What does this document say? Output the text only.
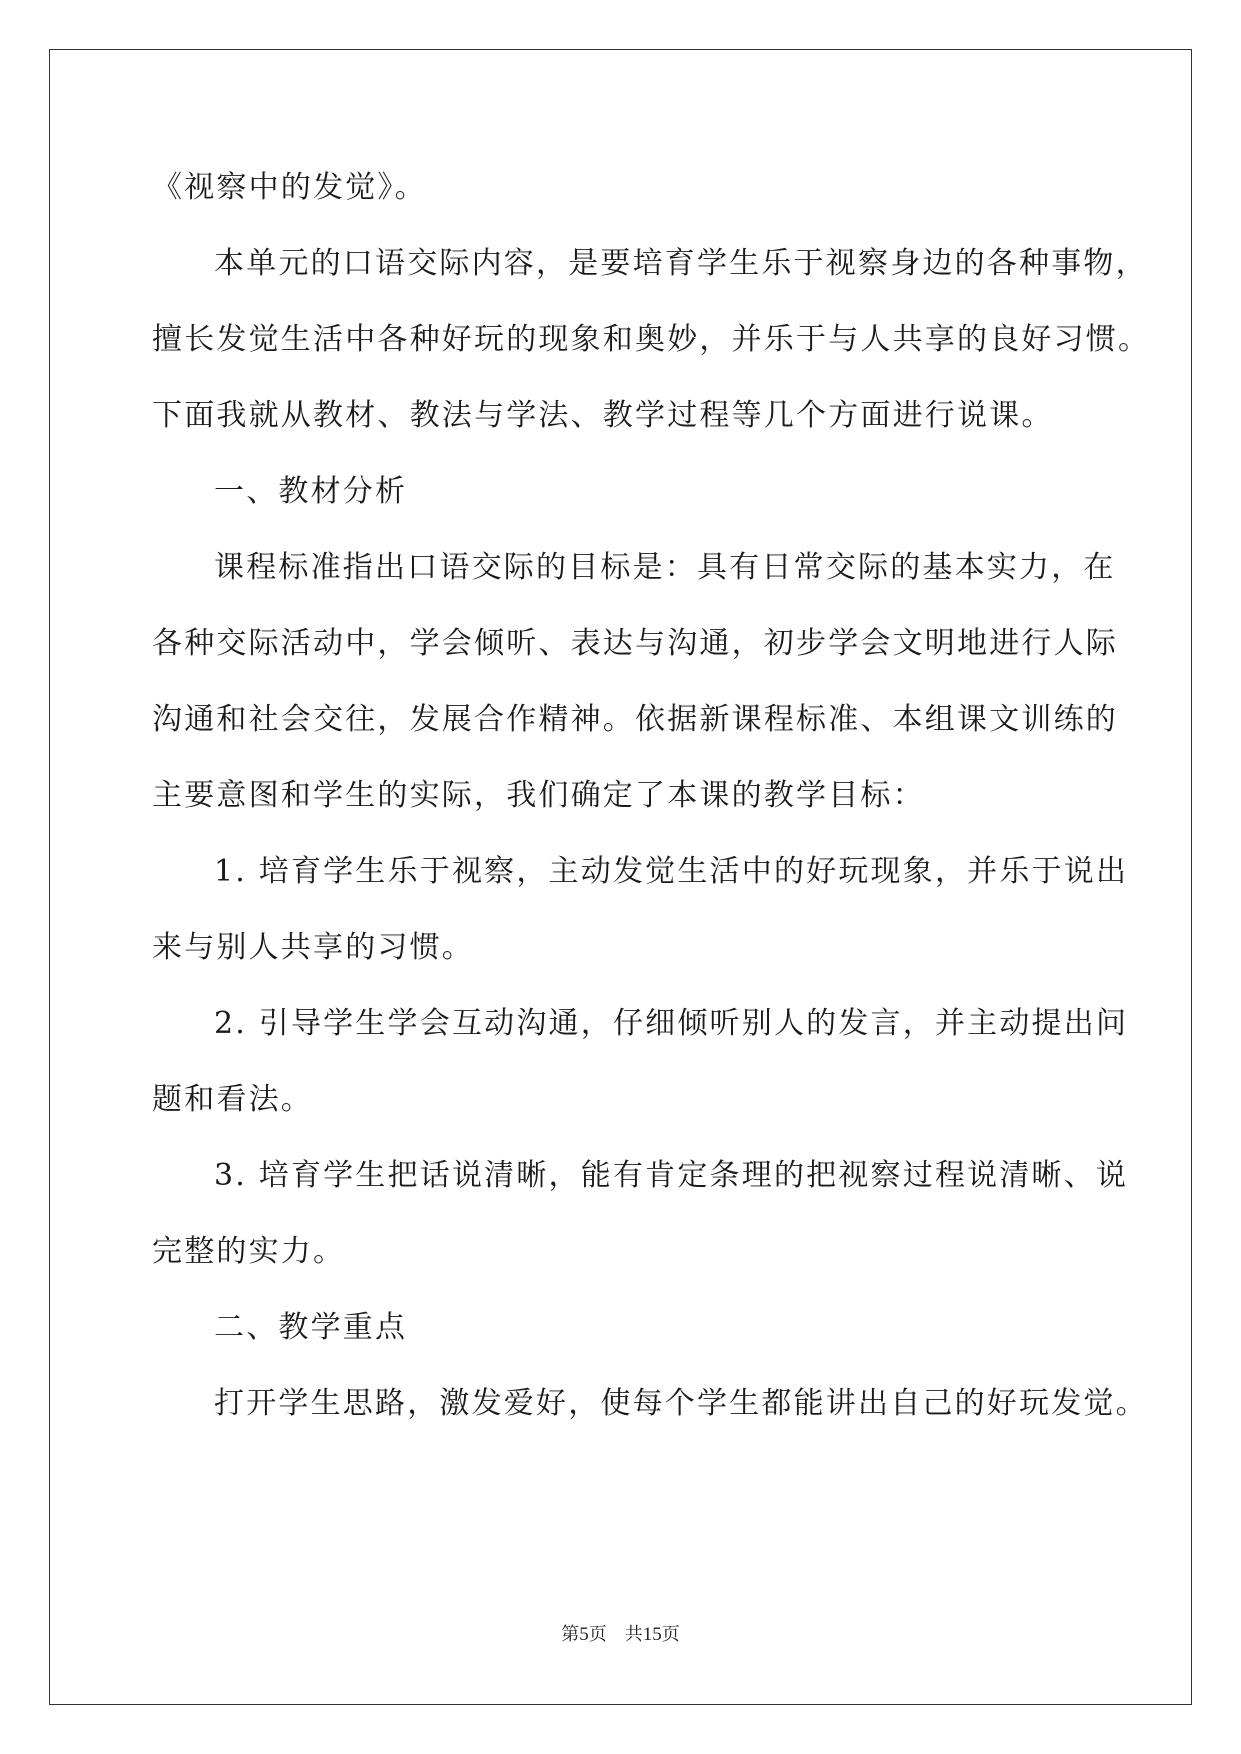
《视察中的发觉》。
本单元的口语交际内容，是要培育学生乐于视察身边的各种事物，
擅长发觉生活中各种好玩的现象和奥妙，并乐于与人共享的良好习惯。
下面我就从教材、教法与学法、教学过程等几个方面进行说课。
一、教材分析
课程标准指出口语交际的目标是：具有日常交际的基本实力，在
各种交际活动中，学会倾听、表达与沟通，初步学会文明地进行人际
沟通和社会交往，发展合作精神。依据新课程标准、本组课文训练的
主要意图和学生的实际，我们确定了本课的教学目标：
1. 培育学生乐于视察，主动发觉生活中的好玩现象，并乐于说出
来与别人共享的习惯。
2. 引导学生学会互动沟通，仔细倾听别人的发言，并主动提出问
题和看法。
3. 培育学生把话说清晰，能有肯定条理的把视察过程说清晰、说
完整的实力。
二、教学重点
打开学生思路，激发爱好，使每个学生都能讲出自己的好玩发觉。
第5页 共15页
